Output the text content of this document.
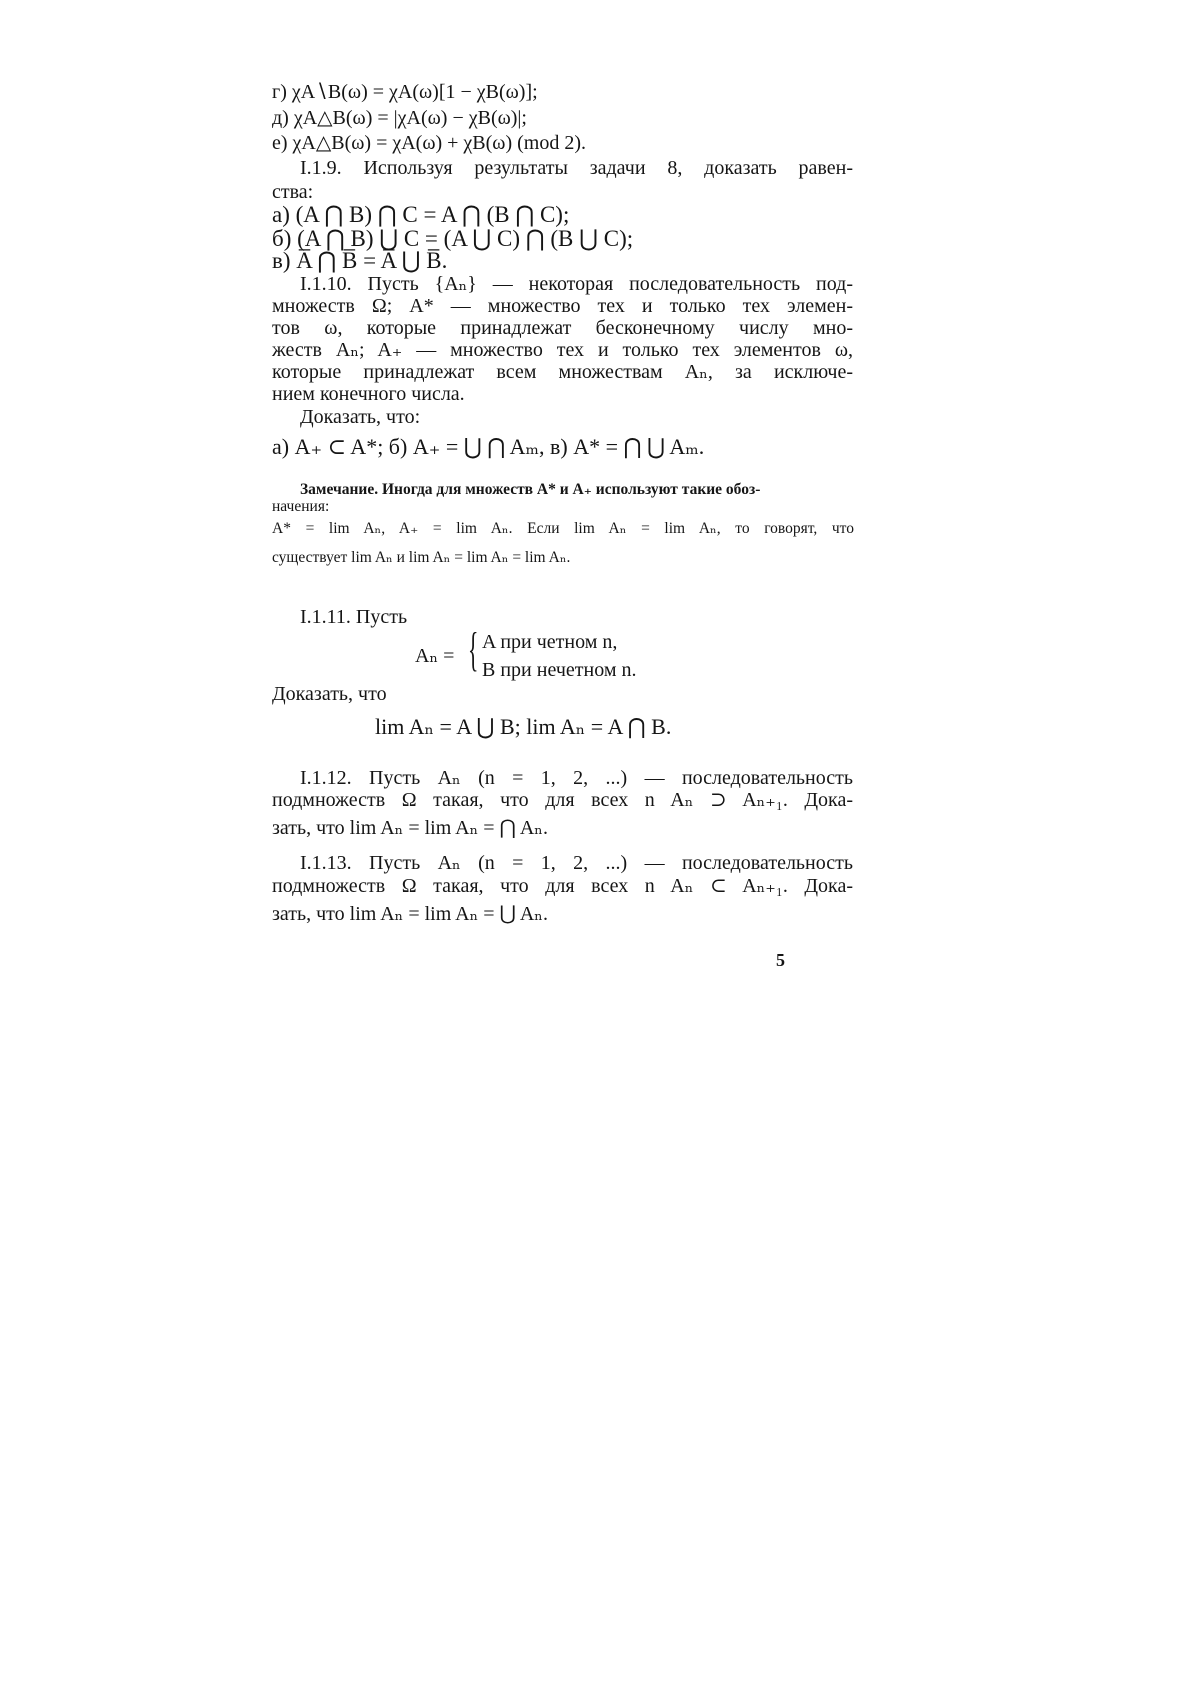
г) χA∖B(ω) = χA(ω)[1 − χB(ω)];
д) χA△B(ω) = |χA(ω) − χB(ω)|;
е) χA△B(ω) = χA(ω) + χB(ω) (mod 2).
I.1.9. Используя результаты задачи 8, доказать равен-
ства:
а) (A ⋂ B) ⋂ C = A ⋂ (B ⋂ C);
б) (A ⋂ B) ⋃ C = (A ⋃ C) ⋂ (B ⋃ C);
в) A̅ ⋂ B̅ = A̅ ⋃ B̅.
I.1.10. Пусть {Aₙ} — некоторая последовательность под-
множеств Ω; A* — множество тех и только тех элемен-
тов ω, которые принадлежат бесконечному числу мно-
жеств Aₙ; A₊ — множество тех и только тех элементов ω,
которые принадлежат всем множествам Aₙ, за исключе-
нием конечного числа.
Доказать, что:
а) A₊ ⊂ A*; б) A₊ = ⋃ ⋂ Aₘ, в) A* = ⋂ ⋃ Aₘ.
Замечание. Иногда для множеств A* и A₊ используют такие обоз-
начения:
A* = lim Aₙ, A₊ = lim Aₙ. Если lim Aₙ = lim Aₙ, то говорят, что
существует lim Aₙ и lim Aₙ = lim Aₙ = lim Aₙ.
I.1.11. Пусть
Aₙ = { A при четном n,
B при нечетном n.
Доказать, что
lim Aₙ = A ⋃ B; lim Aₙ = A ⋂ B.
I.1.12. Пусть Aₙ (n = 1, 2, ...) — последовательность
подмножеств Ω такая, что для всех n Aₙ ⊃ Aₙ₊₁. Дока-
зать, что lim Aₙ = lim Aₙ = ⋂ Aₙ.
I.1.13. Пусть Aₙ (n = 1, 2, ...) — последовательность
подмножеств Ω такая, что для всех n Aₙ ⊂ Aₙ₊₁. Дока-
зать, что lim Aₙ = lim Aₙ = ⋃ Aₙ.
5
